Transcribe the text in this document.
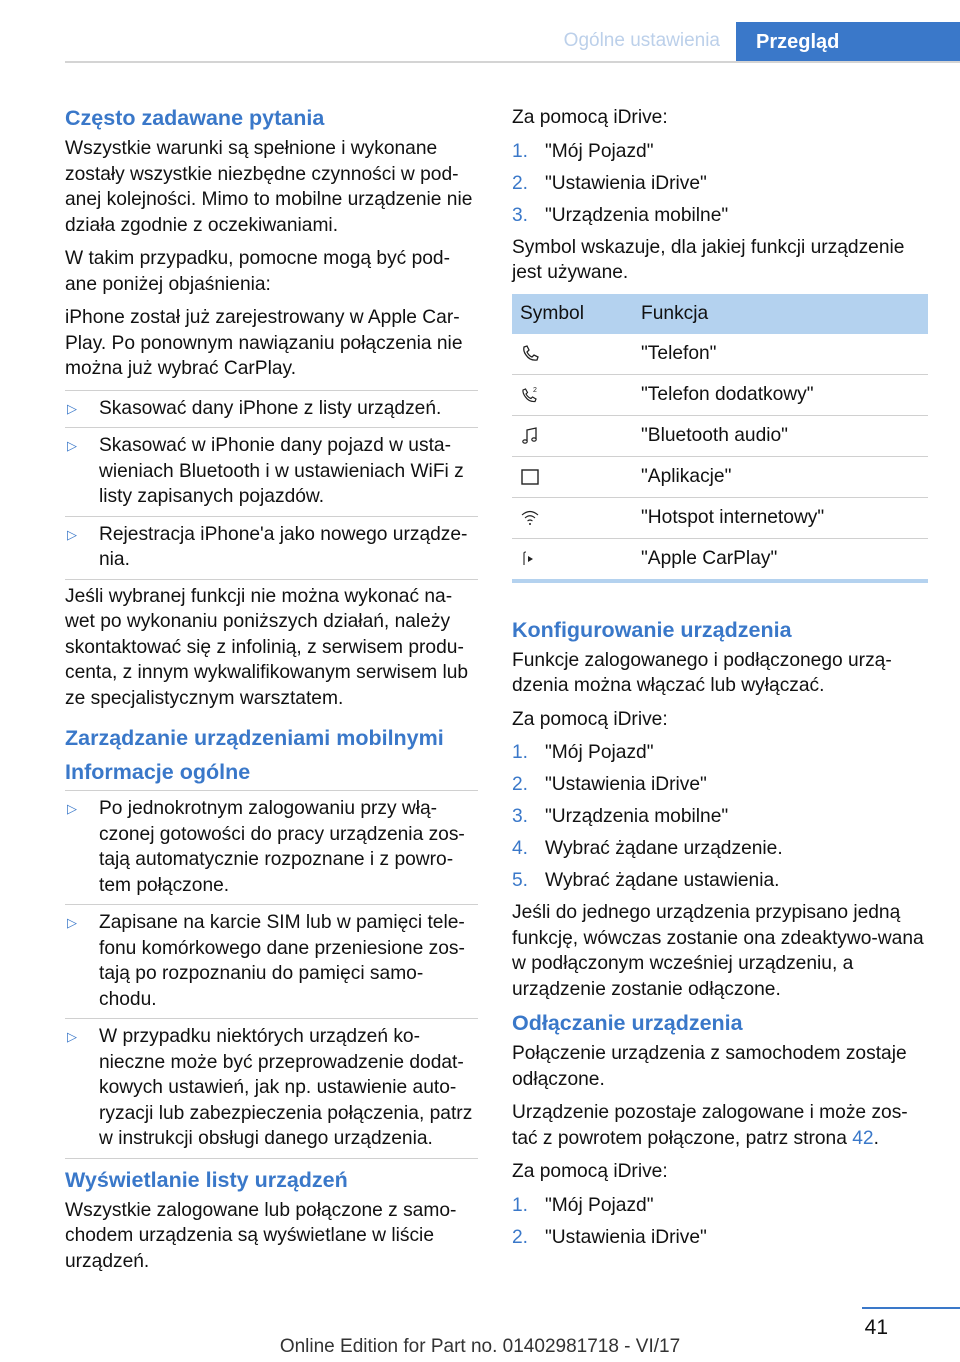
Ogólne ustawienia	Przegląd
Często zadawane pytania
Wszystkie warunki są spełnione i wykonane zostały wszystkie niezbędne czynności w pod-anej kolejności. Mimo to mobilne urządzenie nie działa zgodnie z oczekiwaniami.
W takim przypadku, pomocne mogą być pod-ane poniżej objaśnienia:
iPhone został już zarejestrowany w Apple Car-Play. Po ponownym nawiązaniu połączenia nie można już wybrać CarPlay.
▷	Skasować dany iPhone z listy urządzeń.
▷	Skasować w iPhonie dany pojazd w usta-wieniach Bluetooth i w ustawieniach WiFi z listy zapisanych pojazdów.
▷	Rejestracja iPhone'a jako nowego urządze-nia.
Jeśli wybranej funkcji nie można wykonać na-wet po wykonaniu poniższych działań, należy skontaktować się z infolinią, z serwisem produ-centa, z innym wykwalifikowanym serwisem lub ze specjalistycznym warsztatem.
Zarządzanie urządzeniami mobilnymi
Informacje ogólne
▷	Po jednokrotnym zalogowaniu przy włą-czonej gotowości do pracy urządzenia zos-tają automatycznie rozpoznane i z powro-tem połączone.
▷	Zapisane na karcie SIM lub w pamięci tele-fonu komórkowego dane przeniesione zos-tają po rozpoznaniu do pamięci samo-chodu.
▷	W przypadku niektórych urządzeń ko-nieczne może być przeprowadzenie dodat-kowych ustawień, jak np. ustawienie auto-ryzacji lub zabezpieczenia połączenia, patrz w instrukcji obsługi danego urządzenia.
Wyświetlanie listy urządzeń
Wszystkie zalogowane lub połączone z samo-chodem urządzenia są wyświetlane w liście urządzeń.
Za pomocą iDrive:
1. "Mój Pojazd"
2. "Ustawienia iDrive"
3. "Urządzenia mobilne"
Symbol wskazuje, dla jakiej funkcji urządzenie jest używane.
Symbol	Funkcja
	"Telefon"

2	"Telefon dodatkowy"
	"Bluetooth audio"
	"Aplikacje"
	"Hotspot internetowy"
	"Apple CarPlay"
Konfigurowanie urządzenia
Funkcje zalogowanego i podłączonego urzą-dzenia można włączać lub wyłączać.
Za pomocą iDrive:
1. "Mój Pojazd"
2. "Ustawienia iDrive"
3. "Urządzenia mobilne"
4. Wybrać żądane urządzenie.
5. Wybrać żądane ustawienia.
Jeśli do jednego urządzenia przypisano jedną funkcję, wówczas zostanie ona zdeaktywo-wana w podłączonym wcześniej urządzeniu, a urządzenie zostanie odłączone.
Odłączanie urządzenia
Połączenie urządzenia z samochodem zostaje odłączone.
Urządzenie pozostaje zalogowane i może zos-tać z powrotem połączone, patrz strona 42.
Za pomocą iDrive:
1. "Mój Pojazd"
2. "Ustawienia iDrive"
41
Online Edition for Part no. 01402981718 - VI/17
